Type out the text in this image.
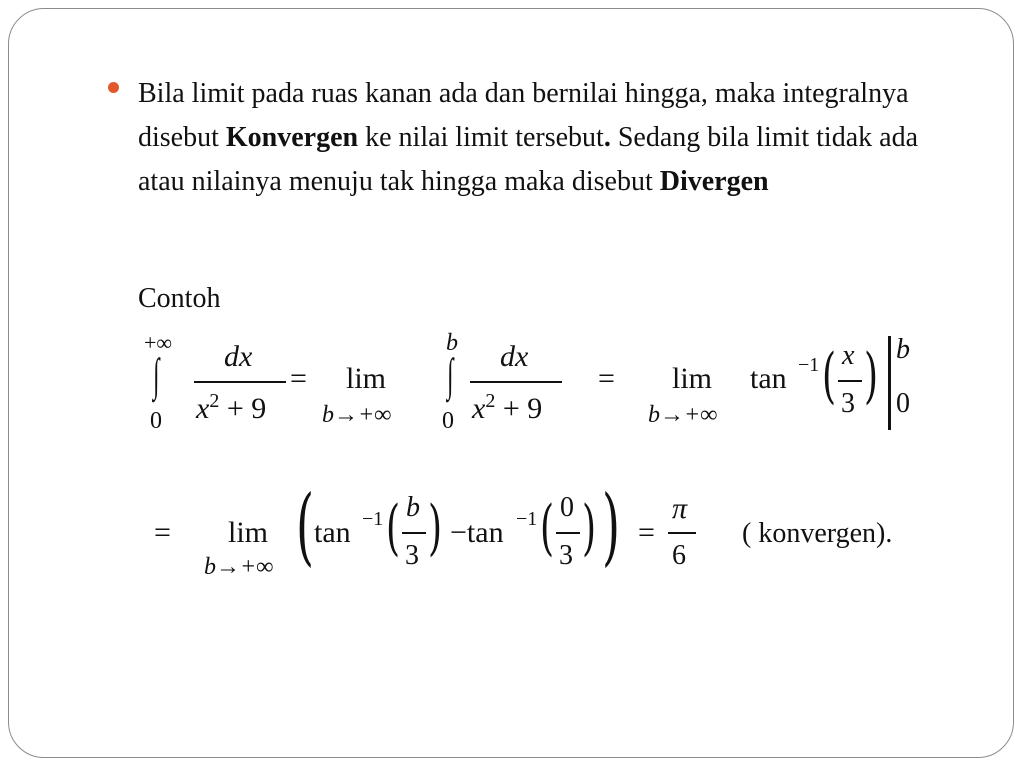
Bila limit pada ruas kanan ada dan bernilai hingga, maka integralnya disebut Konvergen ke nilai limit tersebut. Sedang bila limit tidak ada atau nilainya menuju tak hingga maka disebut Divergen
Contoh
+∞
∫
0
dx
$x^2 + 9$
= lim
b→+∞
b
∫
0
dx
$x^2 + 9$
= lim
b→+∞
tan −1 ( x
3 ) b
0
= lim
b→+∞ ( tan −1 ( b
3 ) −tan −1 ( 0
3 ) ) =
π
6
( konvergen).
